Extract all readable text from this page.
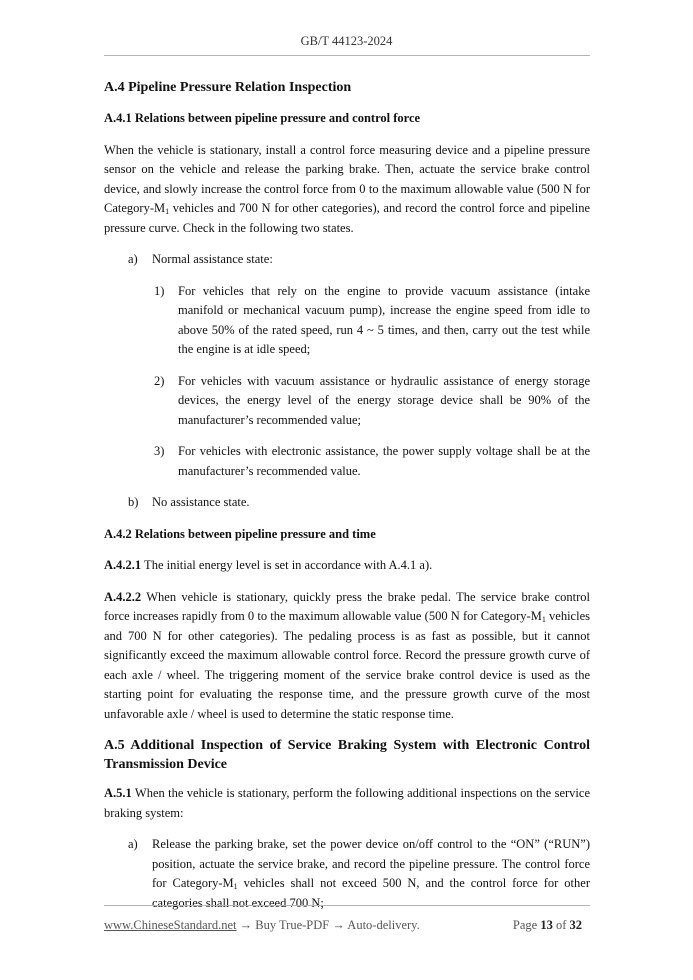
GB/T 44123-2024
A.4 Pipeline Pressure Relation Inspection
A.4.1 Relations between pipeline pressure and control force

When the vehicle is stationary, install a control force measuring device and a pipeline pressure sensor on the vehicle and release the parking brake. Then, actuate the service brake control device, and slowly increase the control force from 0 to the maximum allowable value (500 N for Category-$M_1$ vehicles and 700 N for other categories), and record the control force and pipeline pressure curve. Check in the following two states.

a) Normal assistance state:
1) For vehicles that rely on the engine to provide vacuum assistance (intake manifold or mechanical vacuum pump), increase the engine speed from idle to above 50% of the rated speed, run 4 ~ 5 times, and then, carry out the test while the engine is at idle speed;
2) For vehicles with vacuum assistance or hydraulic assistance of energy storage devices, the energy level of the energy storage device shall be 90% of the manufacturer’s recommended value;
3) For vehicles with electronic assistance, the power supply voltage shall be at the manufacturer’s recommended value.
b) No assistance state.
A.4.2 Relations between pipeline pressure and time

A.4.2.1 The initial energy level is set in accordance with A.4.1 a).

A.4.2.2 When vehicle is stationary, quickly press the brake pedal. The service brake control force increases rapidly from 0 to the maximum allowable value (500 N for Category-$M_1$ vehicles and 700 N for other categories). The pedaling process is as fast as possible, but it cannot significantly exceed the maximum allowable control force. Record the pressure growth curve of each axle / wheel. The triggering moment of the service brake control device is used as the starting point for evaluating the response time, and the pressure growth curve of the most unfavorable axle / wheel is used to determine the static response time.

A.5 Additional Inspection of Service Braking System with Electronic Control Transmission Device

A.5.1 When the vehicle is stationary, perform the following additional inspections on the service braking system:

a) Release the parking brake, set the power device on/off control to the “ON” (“RUN”) position, actuate the service brake, and record the pipeline pressure. The control force for Category-$M_1$ vehicles shall not exceed 500 N, and the control force for other categories shall not exceed 700 N;
www.ChineseStandard.net → Buy True-PDF → Auto-delivery.	Page 13 of 32
